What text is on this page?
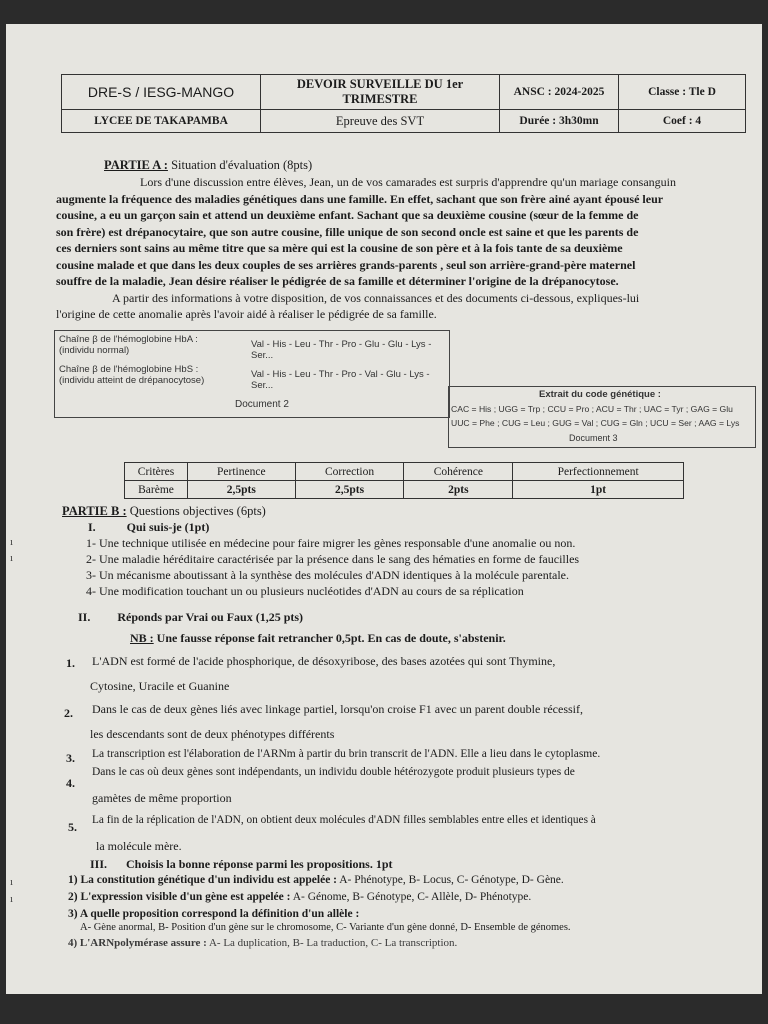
DRE-S / IESG-MANGO	DEVOIR SURVEILLE DU 1er TRIMESTRE	ANSC : 2024-2025	Classe : Tle D
LYCEE DE TAKAPAMBA	Epreuve des SVT	Durée : 3h30mn	Coef : 4
PARTIE A : Situation d'évaluation (8pts)
Lors d'une discussion entre élèves, Jean, un de vos camarades est surpris d'apprendre qu'un mariage consanguin
augmente la fréquence des maladies génétiques dans une famille. En effet, sachant que son frère ainé ayant épousé leur
cousine, a eu un garçon sain et attend un deuxième enfant. Sachant que sa deuxième cousine (sœur de la femme de
son frère) est drépanocytaire, que son autre cousine, fille unique de son second oncle est saine et que les parents de
ces derniers sont sains au même titre que sa mère qui est la cousine de son père et à la fois tante de sa deuxième
cousine malade et que dans les deux couples de ses arrières grands-parents , seul son arrière-grand-père maternel
souffre de la maladie, Jean désire réaliser le pédigrée de sa famille et déterminer l'origine de la drépanocytose.
A partir des informations à votre disposition, de vos connaissances et des documents ci-dessous, expliques-lui
l'origine de cette anomalie après l'avoir aidé à réaliser le pédigrée de sa famille.
Chaîne β de l'hémoglobine HbA :
(individu normal)
Val - His - Leu - Thr - Pro - Glu - Glu - Lys - Ser...
Chaîne β de l'hémoglobine HbS :
(individu atteint de drépanocytose)
Val - His - Leu - Thr - Pro - Val - Glu - Lys - Ser...
Document 2
Extrait du code génétique :
CAC = His ; UGG = Trp ; CCU = Pro ; ACU = Thr ; UAC = Tyr ; GAG = Glu
UUC = Phe ; CUG = Leu ; GUG = Val ; CUG = Gln ; UCU = Ser ; AAG = Lys
Document 3
Critères	Pertinence	Correction	Cohérence	Perfectionnement
Barème	2,5pts	2,5pts	2pts	1pt
PARTIE B : Questions objectives (6pts)
I.	Qui suis-je (1pt)
ı
ı
1- Une technique utilisée en médecine pour faire migrer les gènes responsable d'une anomalie ou non.
2- Une maladie héréditaire caractérisée par la présence dans le sang des hématies en forme de faucilles
3- Un mécanisme aboutissant à la synthèse des molécules d'ADN identiques à la molécule parentale.
4- Une modification touchant un ou plusieurs nucléotides d'ADN au cours de sa réplication
II. Réponds par Vrai ou Faux (1,25 pts)
NB : Une fausse réponse fait retrancher 0,5pt. En cas de doute, s'abstenir.
1. L'ADN est formé de l'acide phosphorique, de désoxyribose, des bases azotées qui sont Thymine,
Cytosine, Uracile et Guanine
2. Dans le cas de deux gènes liés avec linkage partiel, lorsqu'on croise F1 avec un parent double récessif,
les descendants sont de deux phénotypes différents
3. La transcription est l'élaboration de l'ARNm à partir du brin transcrit de l'ADN. Elle a lieu dans le cytoplasme.
4.
Dans le cas où deux gènes sont indépendants, un individu double hétérozygote produit plusieurs types de
gamètes de même proportion
5. La fin de la réplication de l'ADN, on obtient deux molécules d'ADN filles semblables entre elles et identiques à
la molécule mère.
III. Choisis la bonne réponse parmi les propositions. 1pt
ı
ı
1) La constitution génétique d'un individu est appelée : A- Phénotype, B- Locus, C- Génotype, D- Gène.
2) L'expression visible d'un gène est appelée : A- Génome, B- Génotype, C- Allèle, D- Phénotype.
3) A quelle proposition correspond la définition d'un allèle :
A- Gène anormal, B- Position d'un gène sur le chromosome, C- Variante d'un gène donné, D- Ensemble de génomes.
4) L'ARNpolymérase assure : A- La duplication, B- La traduction, C- La transcription.
